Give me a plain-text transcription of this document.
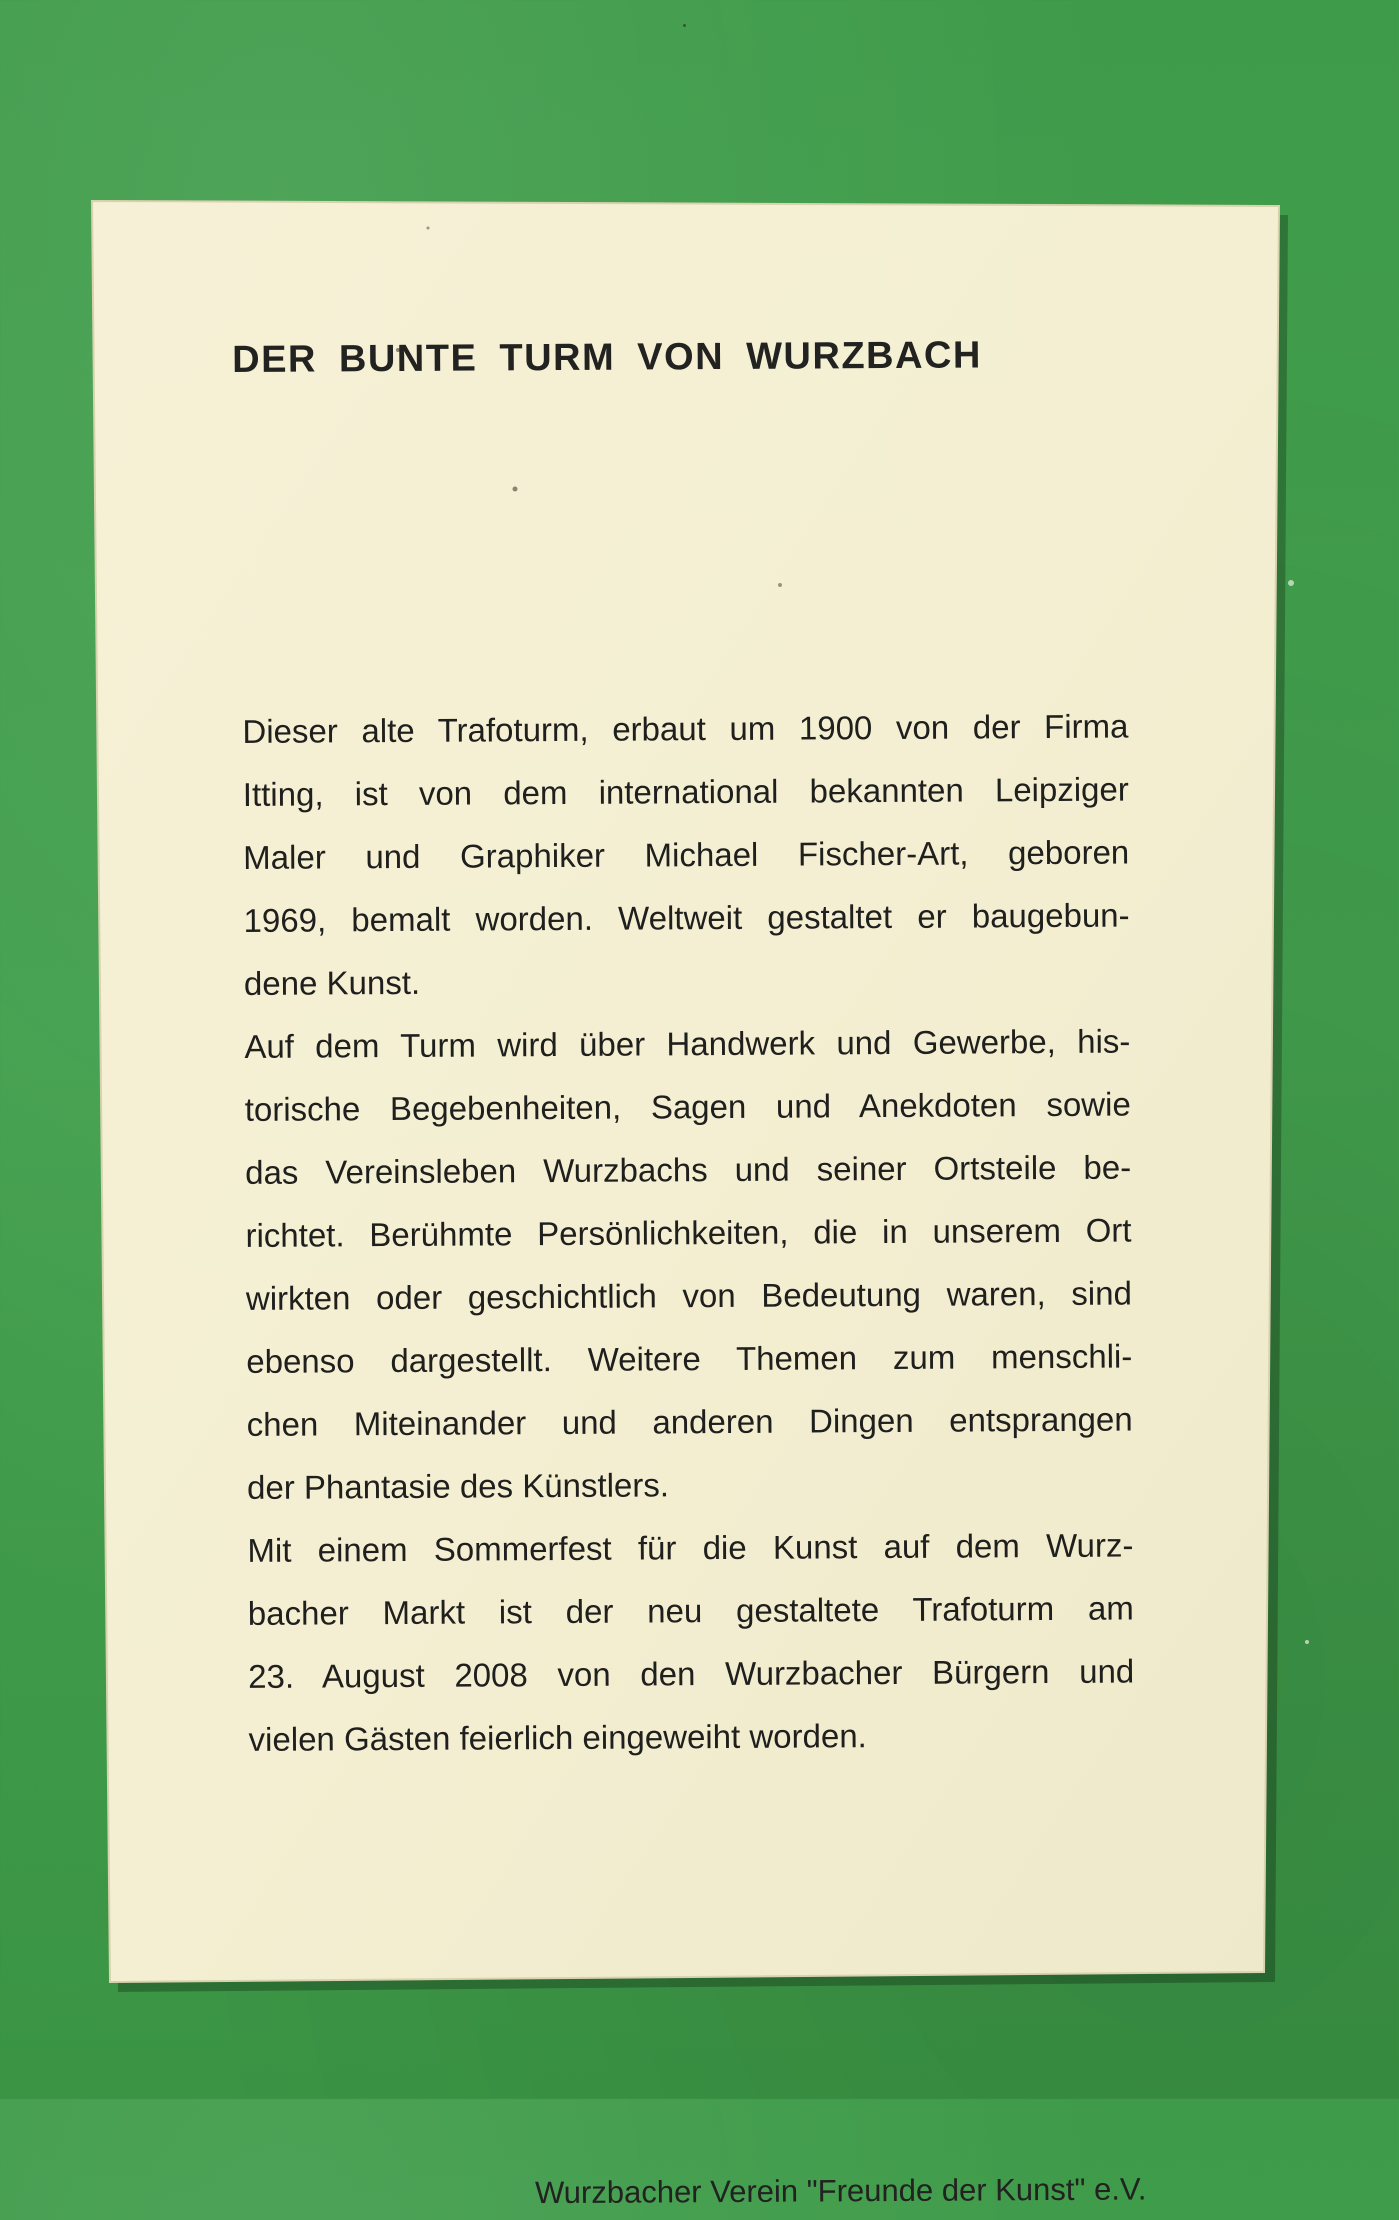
DER BUNTE TURM VON WURZBACH
Dieser alte Trafoturm, erbaut um 1900 von der Firma
Itting, ist von dem international bekannten Leipziger
Maler und Graphiker Michael Fischer-Art, geboren
1969, bemalt worden. Weltweit gestaltet er baugebun-
dene Kunst.
Auf dem Turm wird über Handwerk und Gewerbe, his-
torische Begebenheiten, Sagen und Anekdoten sowie
das Vereinsleben Wurzbachs und seiner Ortsteile be-
richtet. Berühmte Persönlichkeiten, die in unserem Ort
wirkten oder geschichtlich von Bedeutung waren, sind
ebenso dargestellt. Weitere Themen zum menschli-
chen Miteinander und anderen Dingen entsprangen
der Phantasie des Künstlers.
Mit einem Sommerfest für die Kunst auf dem Wurz-
bacher Markt ist der neu gestaltete Trafoturm am
23. August 2008 von den Wurzbacher Bürgern und
vielen Gästen feierlich eingeweiht worden.
Wurzbacher Verein "Freunde der Kunst" e.V.
